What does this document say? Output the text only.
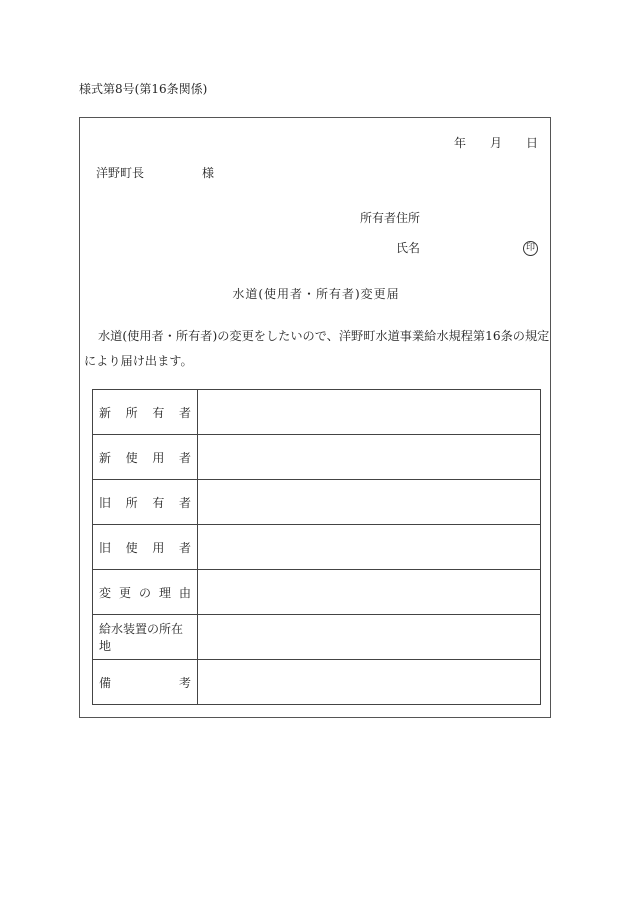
様式第8号(第16条関係)
年 月 日
洋野町長	様
所有者住所
氏名	印
水道(使用者・所有者)変更届
水道(使用者・所有者)の変更をしたいので、洋野町水道事業給水規程第16条の規定により届け出ます。
新 所 有 者	

新 使 用 者	

旧 所 有 者	

旧 使 用 者	

変 更 の 理 由	

給水装置の所在地	

備 考	
